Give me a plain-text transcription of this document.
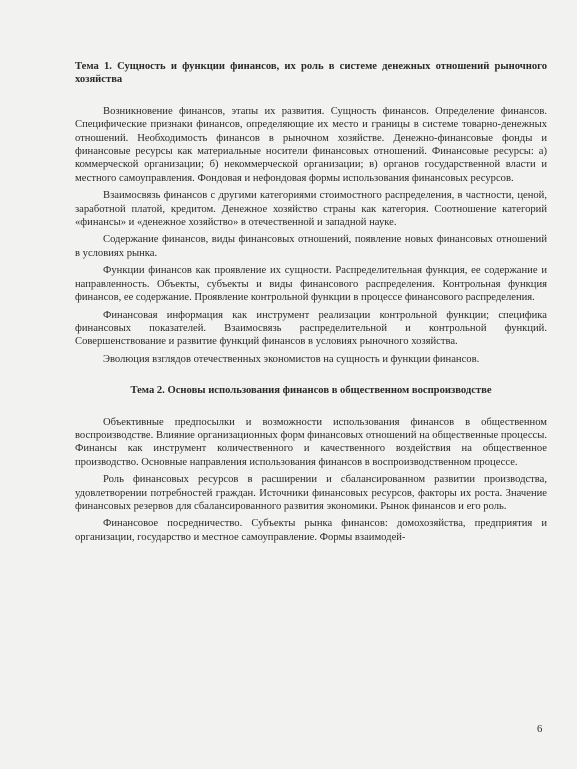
Тема 1. Сущность и функции финансов, их роль в системе денежных отношений рыночного хозяйства

Возникновение финансов, этапы их развития. Сущность финансов. Определение финансов. Специфические признаки финансов, определяющие их место и границы в системе товарно-денежных отношений. Необходимость финансов в рыночном хозяйстве. Денежно-финансовые фонды и финансовые ресурсы как материальные носители финансовых отношений. Финансовые ресурсы: а) коммерческой организации; б) некоммерческой организации; в) органов государственной власти и местного самоуправления. Фондовая и нефондовая формы использования финансовых ресурсов.

Взаимосвязь финансов с другими категориями стоимостного распределения, в частности, ценой, заработной платой, кредитом. Денежное хозяйство страны как категория. Соотношение категорий «финансы» и «денежное хозяйство» в отечественной и западной науке.

Содержание финансов, виды финансовых отношений, появление новых финансовых отношений в условиях рынка.

Функции финансов как проявление их сущности. Распределительная функция, ее содержание и направленность. Объекты, субъекты и виды финансового распределения. Контрольная функция финансов, ее содержание. Проявление контрольной функции в процессе финансового распределения.

Финансовая информация как инструмент реализации контрольной функции; специфика финансовых показателей. Взаимосвязь распределительной и контрольной функций. Совершенствование и развитие функций финансов в условиях рыночного хозяйства.

Эволюция взглядов отечественных экономистов на сущность и функции финансов.

Тема 2. Основы использования финансов в общественном воспроизводстве

Объективные предпосылки и возможности использования финансов в общественном воспроизводстве. Влияние организационных форм финансовых отношений на общественные процессы. Финансы как инструмент количественного и качественного воздействия на общественное производство. Основные направления использования финансов в воспроизводственном процессе.

Роль финансовых ресурсов в расширении и сбалансированном развитии производства, удовлетворении потребностей граждан. Источники финансовых ресурсов, факторы их роста. Значение финансовых резервов для сбалансированного развития экономики. Рынок финансов и его роль.

Финансовое посредничество. Субъекты рынка финансов: домохозяйства, предприятия и организации, государство и местное самоуправление. Формы взаимодей-

6
